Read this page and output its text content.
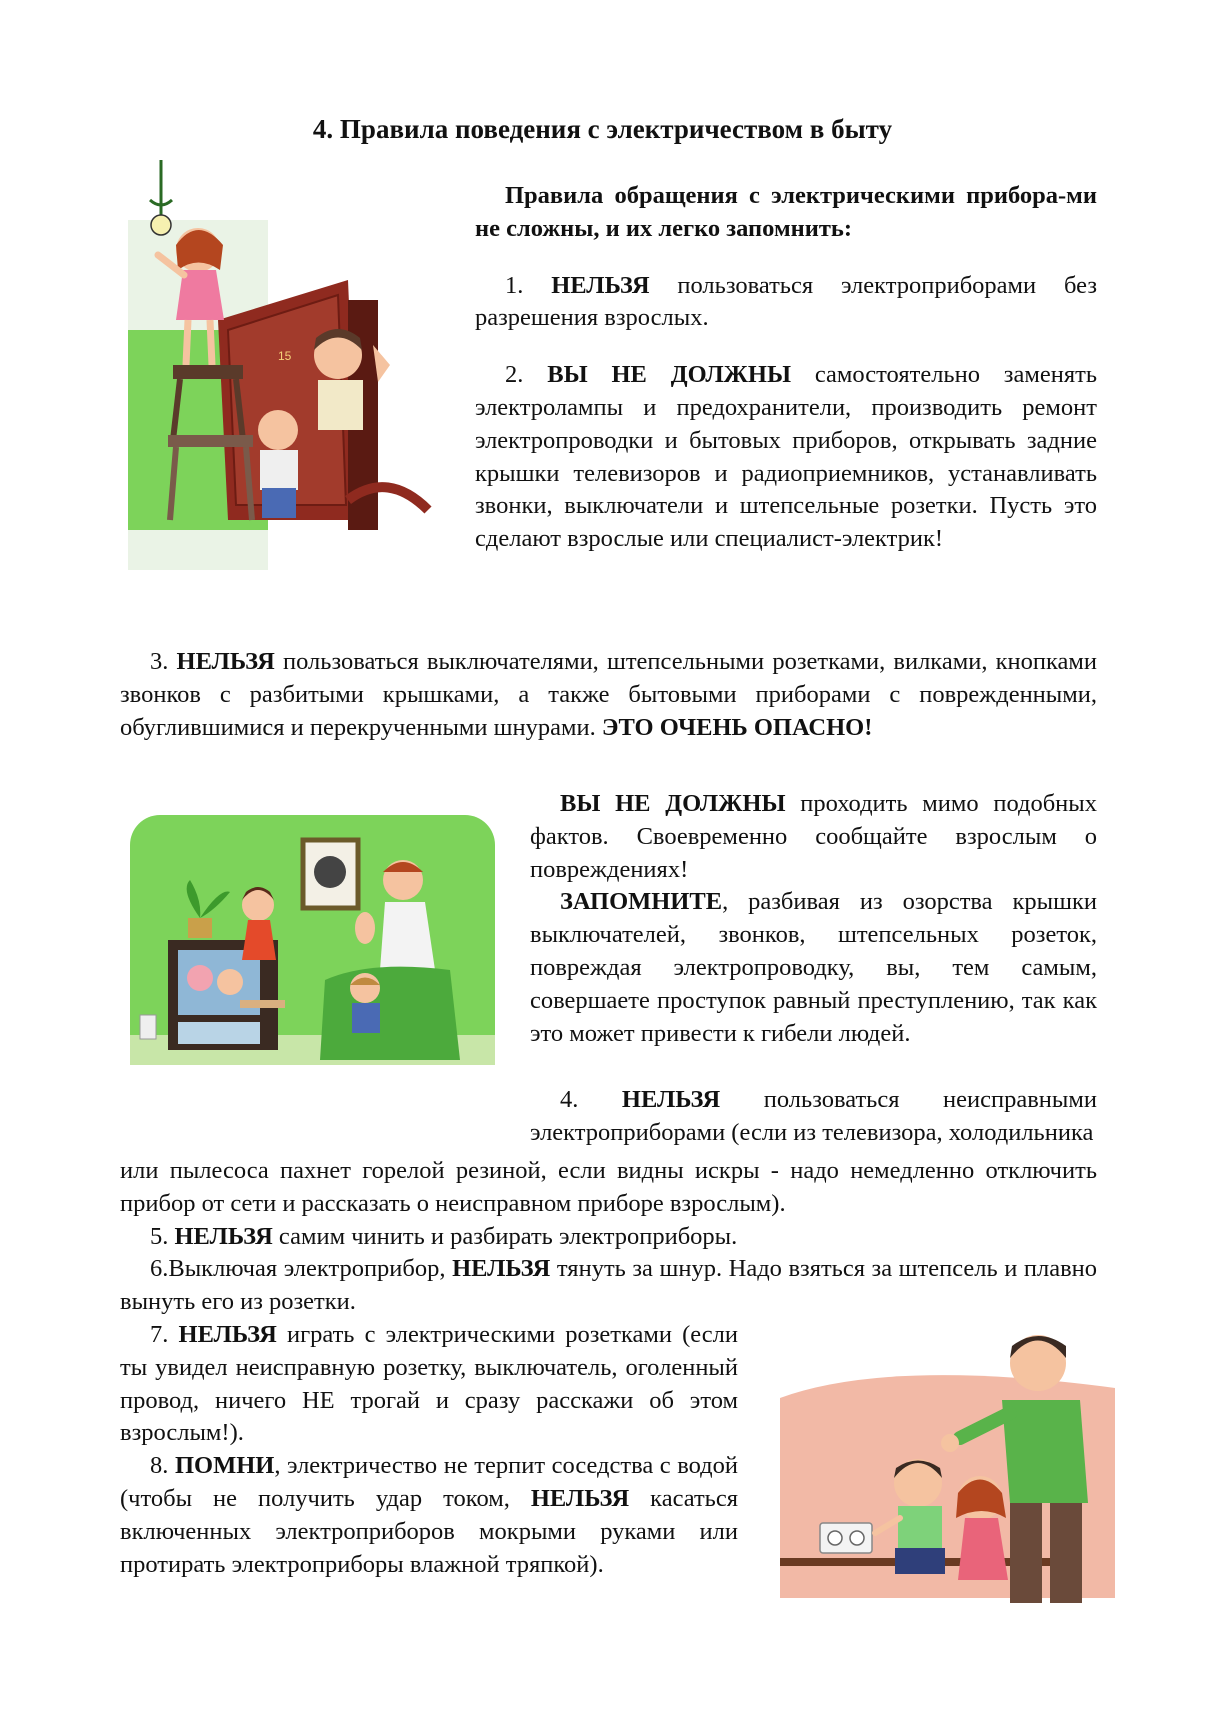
4. Правила поведения с электричеством в быту
15

Правила обращения с электрическими прибора-ми не сложны, и их легко запомнить:

1. НЕЛЬЗЯ пользоваться электроприборами без разрешения взрослых.

2. ВЫ НЕ ДОЛЖНЫ самостоятельно заменять электролампы и предохранители, производить ремонт электропроводки и бытовых приборов, открывать задние крышки телевизоров и радиоприемников, устанавливать звонки, выключатели и штепсельные розетки. Пусть это сделают взрослые или специалист-электрик!

3. НЕЛЬЗЯ пользоваться выключателями, штепсельными розетками, вилками, кнопками звонков с разбитыми крышками, а также бытовыми приборами с поврежденными, обуглившимися и перекрученными шнурами. ЭТО ОЧЕНЬ ОПАСНО!

ВЫ НЕ ДОЛЖНЫ проходить мимо подобных фактов. Своевременно сообщайте взрослым о повреждениях!

ЗАПОМНИТЕ, разбивая из озорства крышки выключателей, звонков, штепсельных розеток, повреждая электропроводку, вы, тем самым, совершаете проступок равный преступлению, так как это может привести к гибели людей.

4. НЕЛЬЗЯ пользоваться неисправными электроприборами (если из телевизора, холодильника

или пылесоса пахнет горелой резиной, если видны искры - надо немедленно отключить прибор от сети и рассказать о неисправном приборе взрослым).

5. НЕЛЬЗЯ самим чинить и разбирать электроприборы.

6.Выключая электроприбор, НЕЛЬЗЯ тянуть за шнур. Надо взяться за штепсель и плавно вынуть его из розетки.

7. НЕЛЬЗЯ играть с электрическими розетками (если ты увидел неисправную розетку, выключатель, оголенный провод, ничего НЕ трогай и сразу расскажи об этом взрослым!).

8. ПОМНИ, электричество не терпит соседства с водой (чтобы не получить удар током, НЕЛЬЗЯ касаться включенных электроприборов мокрыми руками или протирать электроприборы влажной тряпкой).
